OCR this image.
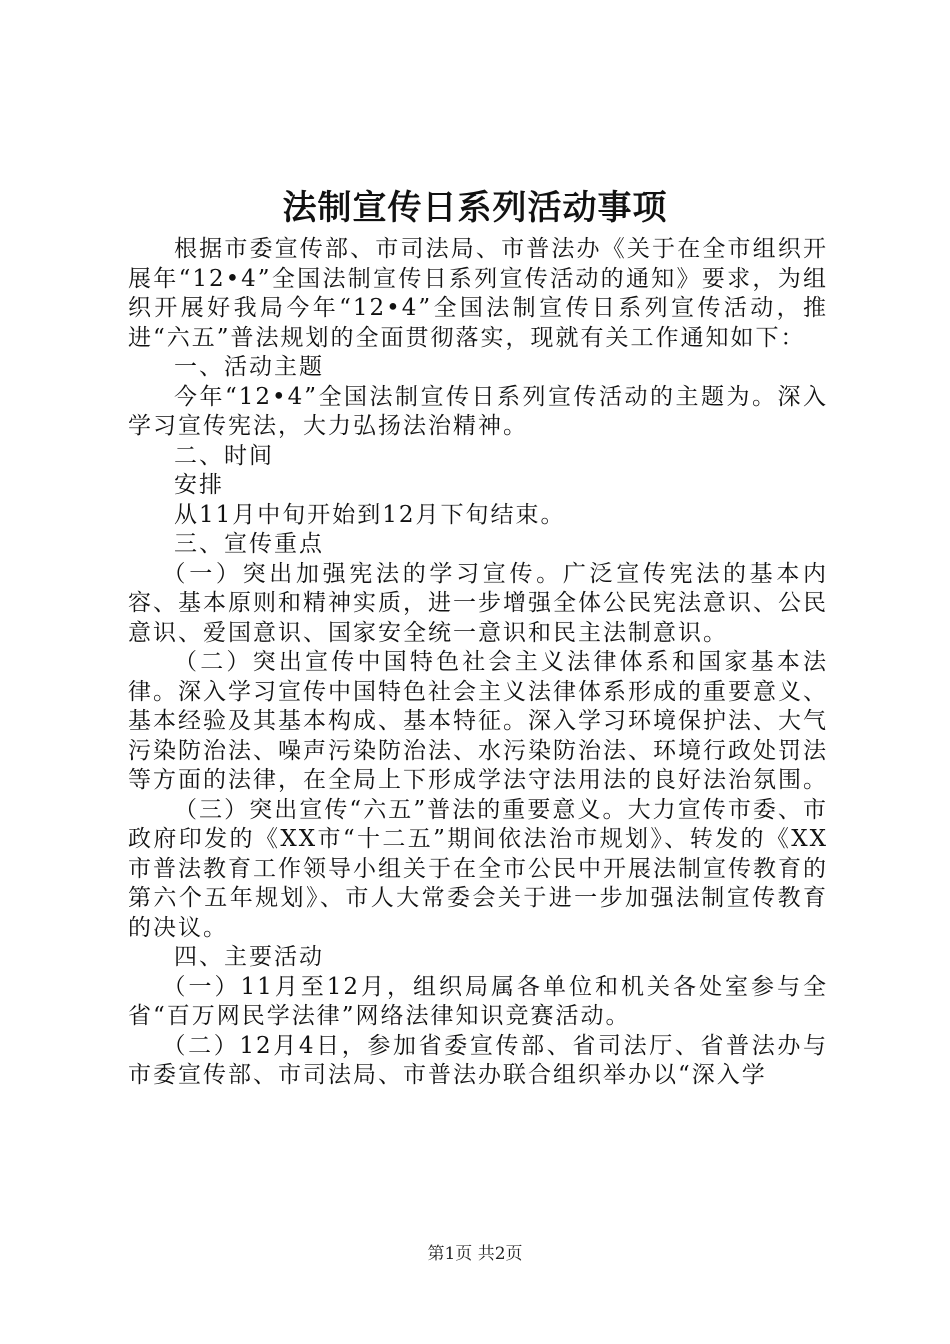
法制宣传日系列活动事项

根据市委宣传部、市司法局、市普法办《关于在全市组织开展年“12•4”全国法制宣传日系列宣传活动的通知》要求，为组织开展好我局今年“12•4”全国法制宣传日系列宣传活动，推进“六五”普法规划的全面贯彻落实，现就有关工作通知如下：

一、活动主题

今年“12•4”全国法制宣传日系列宣传活动的主题为。深入学习宣传宪法，大力弘扬法治精神。

二、时间

安排

从11月中旬开始到12月下旬结束。

三、宣传重点

（一）突出加强宪法的学习宣传。广泛宣传宪法的基本内容、基本原则和精神实质，进一步增强全体公民宪法意识、公民意识、爱国意识、国家安全统一意识和民主法制意识。

（二）突出宣传中国特色社会主义法律体系和国家基本法律。深入学习宣传中国特色社会主义法律体系形成的重要意义、基本经验及其基本构成、基本特征。深入学习环境保护法、大气污染防治法、噪声污染防治法、水污染防治法、环境行政处罚法等方面的法律，在全局上下形成学法守法用法的良好法治氛围。

（三）突出宣传“六五”普法的重要意义。大力宣传市委、市政府印发的《XX市“十二五”期间依法治市规划》、转发的《XX市普法教育工作领导小组关于在全市公民中开展法制宣传教育的第六个五年规划》、市人大常委会关于进一步加强法制宣传教育的决议。

四、主要活动

（一）11月至12月，组织局属各单位和机关各处室参与全省“百万网民学法律”网络法律知识竞赛活动。

（二）12月4日，参加省委宣传部、省司法厅、省普法办与市委宣传部、市司法局、市普法办联合组织举办以“深入学

第1页 共2页
